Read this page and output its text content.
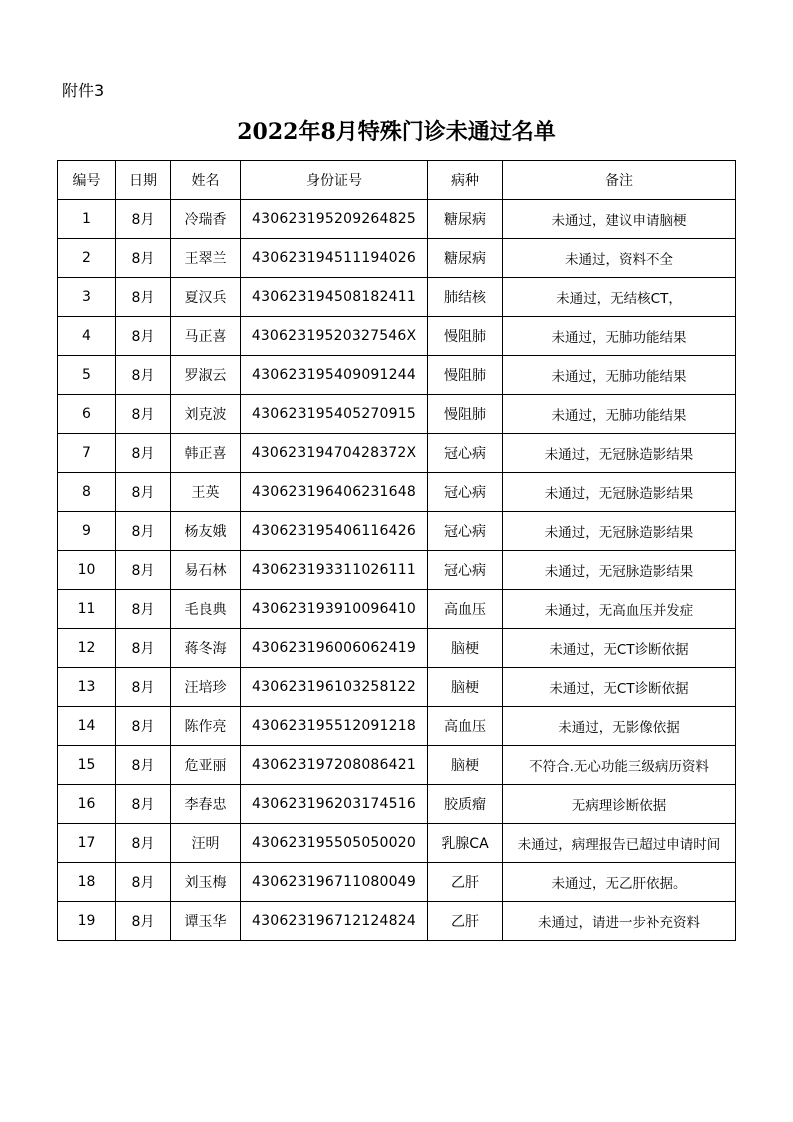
附件3
2022年8月特殊门诊未通过名单
编号	日期	姓名	身份证号	病种	备注
1	8月	冷瑞香	430623195209264825	糖尿病	未通过，建议申请脑梗
2	8月	王翠兰	430623194511194026	糖尿病	未通过，资料不全
3	8月	夏汉兵	430623194508182411	肺结核	未通过，无结核CT，
4	8月	马正喜	43062319520327546X	慢阻肺	未通过，无肺功能结果
5	8月	罗淑云	430623195409091244	慢阻肺	未通过，无肺功能结果
6	8月	刘克波	430623195405270915	慢阻肺	未通过，无肺功能结果
7	8月	韩正喜	43062319470428372X	冠心病	未通过，无冠脉造影结果
8	8月	王英	430623196406231648	冠心病	未通过，无冠脉造影结果
9	8月	杨友娥	430623195406116426	冠心病	未通过，无冠脉造影结果
10	8月	易石林	430623193311026111	冠心病	未通过，无冠脉造影结果
11	8月	毛良典	430623193910096410	高血压	未通过，无高血压并发症
12	8月	蒋冬海	430623196006062419	脑梗	未通过，无CT诊断依据
13	8月	汪培珍	430623196103258122	脑梗	未通过，无CT诊断依据
14	8月	陈作亮	430623195512091218	高血压	未通过，无影像依据
15	8月	危亚丽	430623197208086421	脑梗	不符合.无心功能三级病历资料
16	8月	李春忠	430623196203174516	胶质瘤	无病理诊断依据
17	8月	汪明	430623195505050020	乳腺CA	未通过，病理报告已超过申请时间
18	8月	刘玉梅	430623196711080049	乙肝	未通过，无乙肝依据。
19	8月	谭玉华	430623196712124824	乙肝	未通过，请进一步补充资料
